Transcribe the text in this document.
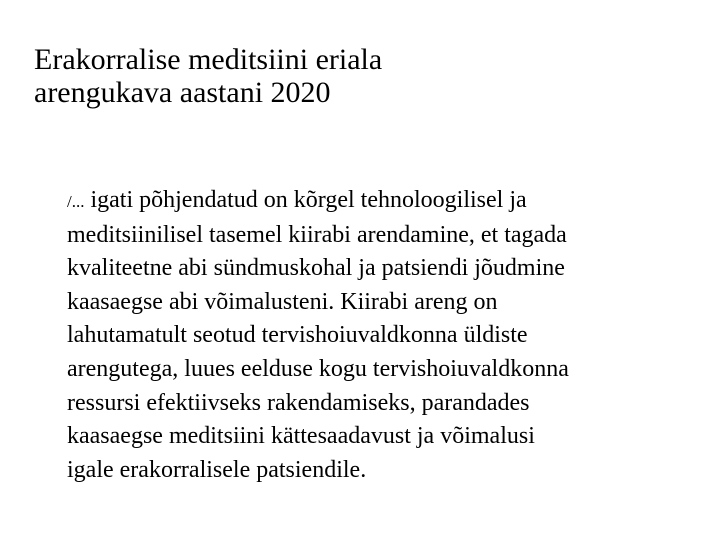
Erakorralise meditsiini eriala
arengukava aastani 2020
/... igati põhjendatud on kõrgel tehnoloogilisel ja
meditsiinilisel tasemel kiirabi arendamine, et tagada
kvaliteetne abi sündmuskohal ja patsiendi jõudmine
kaasaegse abi võimalusteni. Kiirabi areng on
lahutamatult seotud tervishoiuvaldkonna üldiste
arengutega, luues eelduse kogu tervishoiuvaldkonna
ressursi efektiivseks rakendamiseks, parandades
kaasaegse meditsiini kättesaadavust ja võimalusi
igale erakorralisele patsiendile.
